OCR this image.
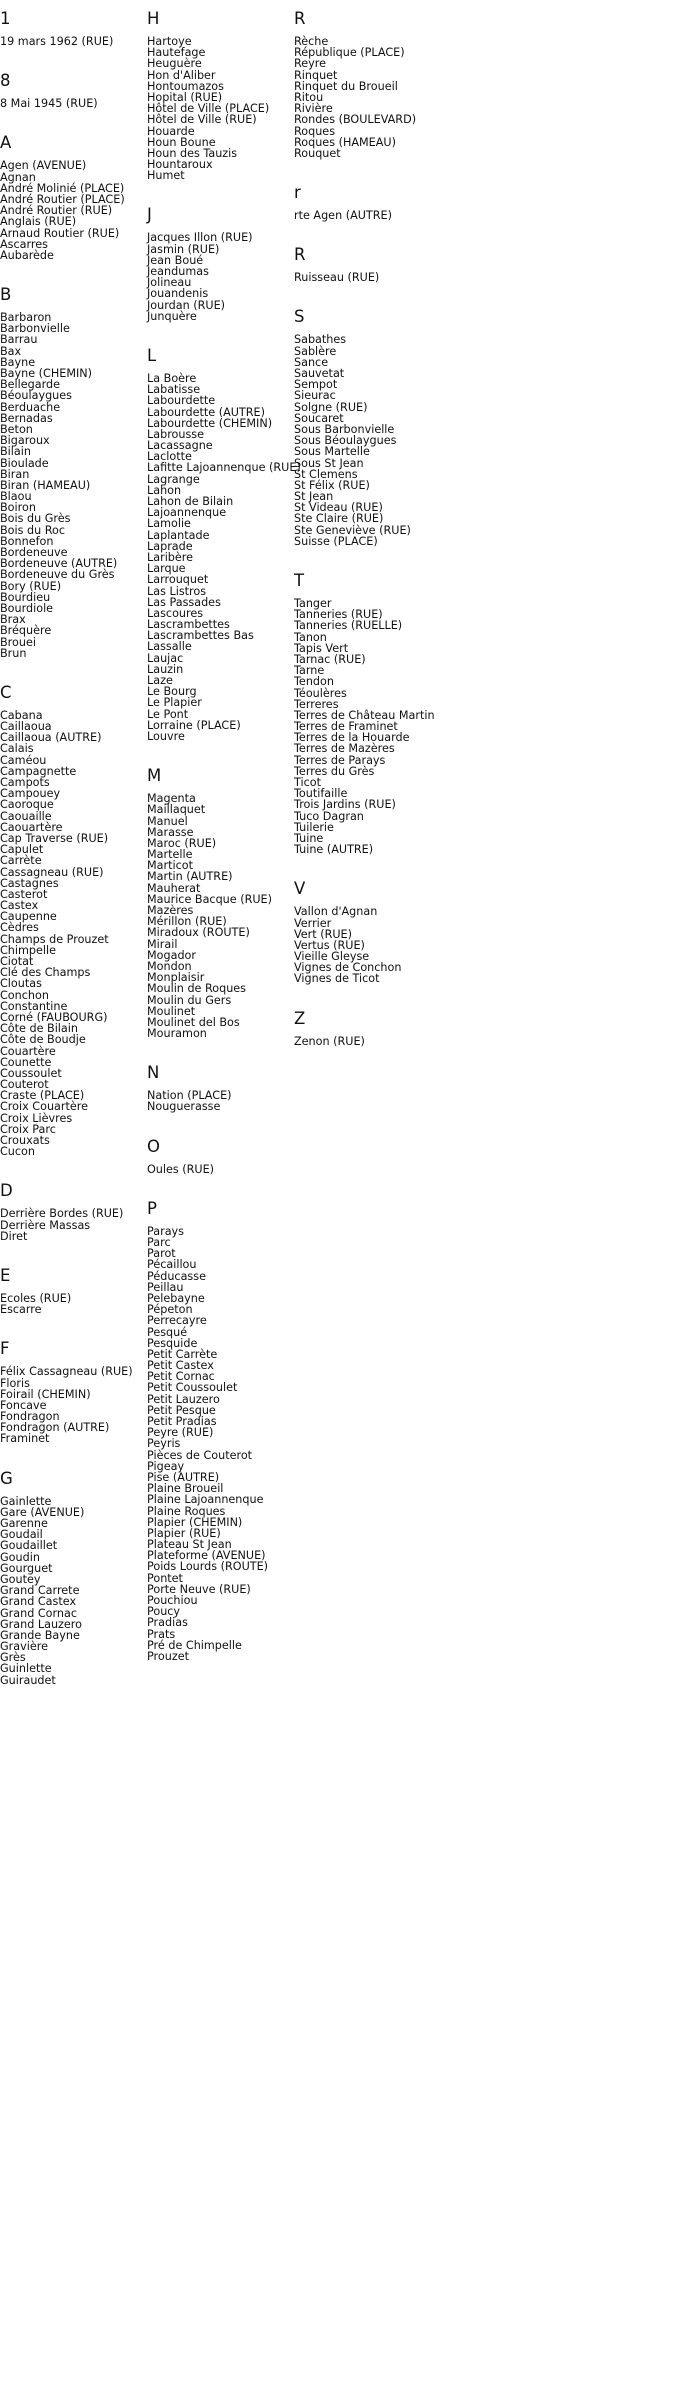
1
19 mars 1962 (RUE)
8
8 Mai 1945 (RUE)
A
Agen (AVENUE)
Agnan
André Molinié (PLACE)
André Routier (PLACE)
André Routier (RUE)
Anglais (RUE)
Arnaud Routier (RUE)
Ascarres
Aubarède
B
Barbaron
Barbonvielle
Barrau
Bax
Bayne
Bayne (CHEMIN)
Bellegarde
Béoulaygues
Berduache
Bernadas
Beton
Bigaroux
Bilain
Bioulade
Biran
Biran (HAMEAU)
Blaou
Boiron
Bois du Grès
Bois du Roc
Bonnefon
Bordeneuve
Bordeneuve (AUTRE)
Bordeneuve du Grès
Bory (RUE)
Bourdieu
Bourdiole
Brax
Bréquère
Brouei
Brun
C
Cabana
Caillaoua
Caillaoua (AUTRE)
Calais
Caméou
Campagnette
Campots
Campouey
Caoroque
Caouaille
Caouartère
Cap Traverse (RUE)
Capulet
Carrète
Cassagneau (RUE)
Castagnes
Casterot
Castex
Caupenne
Cèdres
Champs de Prouzet
Chimpelle
Ciotat
Clé des Champs
Cloutas
Conchon
Constantine
Corné (FAUBOURG)
Côte de Bilain
Côte de Boudje
Couartère
Counette
Coussoulet
Couterot
Craste (PLACE)
Croix Couartère
Croix Lièvres
Croix Parc
Crouxats
Cucon
D
Derrière Bordes (RUE)
Derrière Massas
Diret
E
Ecoles (RUE)
Escarre
F
Félix Cassagneau (RUE)
Floris
Foirail (CHEMIN)
Foncave
Fondragon
Fondragon (AUTRE)
Framinet
G
Gainlette
Gare (AVENUE)
Garenne
Goudail
Goudaillet
Goudin
Gourguet
Goutey
Grand Carrete
Grand Castex
Grand Cornac
Grand Lauzero
Grande Bayne
Gravière
Grès
Guinlette
Guiraudet
H
Hartoye
Hautefage
Heuguère
Hon d'Aliber
Hontoumazos
Hopital (RUE)
Hôtel de Ville (PLACE)
Hôtel de Ville (RUE)
Houarde
Houn Boune
Houn des Tauzis
Hountaroux
Humet
J
Jacques Illon (RUE)
Jasmin (RUE)
Jean Boué
Jeandumas
Jolineau
Jouandenis
Jourdan (RUE)
Junquère
L
La Boère
Labatisse
Labourdette
Labourdette (AUTRE)
Labourdette (CHEMIN)
Labrousse
Lacassagne
Laclotte
Lafitte Lajoannenque (RUE)
Lagrange
Lahon
Lahon de Bilain
Lajoannenque
Lamolie
Laplantade
Laprade
Laribère
Larque
Larrouquet
Las Listros
Las Passades
Lascoures
Lascrambettes
Lascrambettes Bas
Lassalle
Laujac
Lauzin
Laze
Le Bourg
Le Plapier
Le Pont
Lorraine (PLACE)
Louvre
M
Magenta
Maillaquet
Manuel
Marasse
Maroc (RUE)
Martelle
Marticot
Martin (AUTRE)
Mauherat
Maurice Bacque (RUE)
Mazères
Mérillon (RUE)
Miradoux (ROUTE)
Mirail
Mogador
Mondon
Monplaisir
Moulin de Roques
Moulin du Gers
Moulinet
Moulinet del Bos
Mouramon
N
Nation (PLACE)
Nouguerasse
O
Oules (RUE)
P
Parays
Parc
Parot
Pécaillou
Péducasse
Peillau
Pelebayne
Pépeton
Perrecayre
Pesqué
Pesquide
Petit Carrète
Petit Castex
Petit Cornac
Petit Coussoulet
Petit Lauzero
Petit Pesque
Petit Pradias
Peyre (RUE)
Peyris
Pièces de Couterot
Pigeay
Pise (AUTRE)
Plaine Broueil
Plaine Lajoannenque
Plaine Roques
Plapier (CHEMIN)
Plapier (RUE)
Plateau St Jean
Plateforme (AVENUE)
Poids Lourds (ROUTE)
Pontet
Porte Neuve (RUE)
Pouchiou
Poucy
Pradias
Prats
Pré de Chimpelle
Prouzet
R
Rèche
République (PLACE)
Reyre
Rinquet
Rinquet du Broueil
Ritou
Rivière
Rondes (BOULEVARD)
Roques
Roques (HAMEAU)
Rouquet
r
rte Agen (AUTRE)
R
Ruisseau (RUE)
S
Sabathes
Sablère
Sance
Sauvetat
Sempot
Sieurac
Solgne (RUE)
Soucaret
Sous Barbonvielle
Sous Béoulaygues
Sous Martelle
Sous St Jean
St Clemens
St Félix (RUE)
St Jean
St Videau (RUE)
Ste Claire (RUE)
Ste Geneviève (RUE)
Suisse (PLACE)
T
Tanger
Tanneries (RUE)
Tanneries (RUELLE)
Tanon
Tapis Vert
Tarnac (RUE)
Tarne
Tendon
Téoulères
Terreres
Terres de Château Martin
Terres de Framinet
Terres de la Houarde
Terres de Mazères
Terres de Parays
Terres du Grès
Ticot
Toutifaille
Trois Jardins (RUE)
Tuco Dagran
Tuilerie
Tuine
Tuine (AUTRE)
V
Vallon d'Agnan
Verrier
Vert (RUE)
Vertus (RUE)
Vieille Gleyse
Vignes de Conchon
Vignes de Ticot
Z
Zenon (RUE)
